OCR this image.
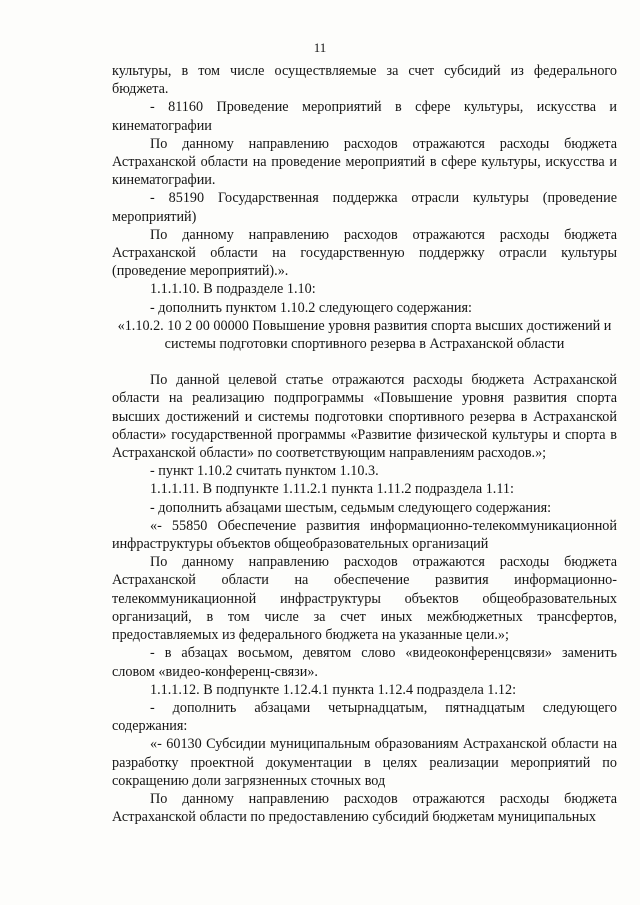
11

культуры, в том числе осуществляемые за счет субсидий из федерального бюджета.

- 81160 Проведение мероприятий в сфере культуры, искусства и кинематографии

По данному направлению расходов отражаются расходы бюджета Астраханской области на проведение мероприятий в сфере культуры, искусства и кинематографии.

- 85190 Государственная поддержка отрасли культуры (проведение мероприятий)

По данному направлению расходов отражаются расходы бюджета Астраханской области на государственную поддержку отрасли культуры (проведение мероприятий).».

1.1.1.10. В подразделе 1.10:

- дополнить пунктом 1.10.2 следующего содержания:

«1.10.2. 10 2 00 00000 Повышение уровня развития спорта высших достижений и системы подготовки спортивного резерва в Астраханской области

По данной целевой статье отражаются расходы бюджета Астраханской области на реализацию подпрограммы «Повышение уровня развития спорта высших достижений и системы подготовки спортивного резерва в Астраханской области» государственной программы «Развитие физической культуры и спорта в Астраханской области» по соответствующим направлениям расходов.»;

- пункт 1.10.2 считать пунктом 1.10.3.

1.1.1.11. В подпункте 1.11.2.1 пункта 1.11.2 подраздела 1.11:

- дополнить абзацами шестым, седьмым следующего содержания:

«- 55850 Обеспечение развития информационно-телекоммуникационной инфраструктуры объектов общеобразовательных организаций

По данному направлению расходов отражаются расходы бюджета Астраханской области на обеспечение развития информационно-телекоммуникационной инфраструктуры объектов общеобразовательных организаций, в том числе за счет иных межбюджетных трансфертов, предоставляемых из федерального бюджета на указанные цели.»;

- в абзацах восьмом, девятом слово «видеоконференцсвязи» заменить словом «видео-конференц-связи».

1.1.1.12. В подпункте 1.12.4.1 пункта 1.12.4 подраздела 1.12:

- дополнить абзацами четырнадцатым, пятнадцатым следующего содержания:

«- 60130 Субсидии муниципальным образованиям Астраханской области на разработку проектной документации в целях реализации мероприятий по сокращению доли загрязненных сточных вод

По данному направлению расходов отражаются расходы бюджета Астраханской области по предоставлению субсидий бюджетам муниципальных
